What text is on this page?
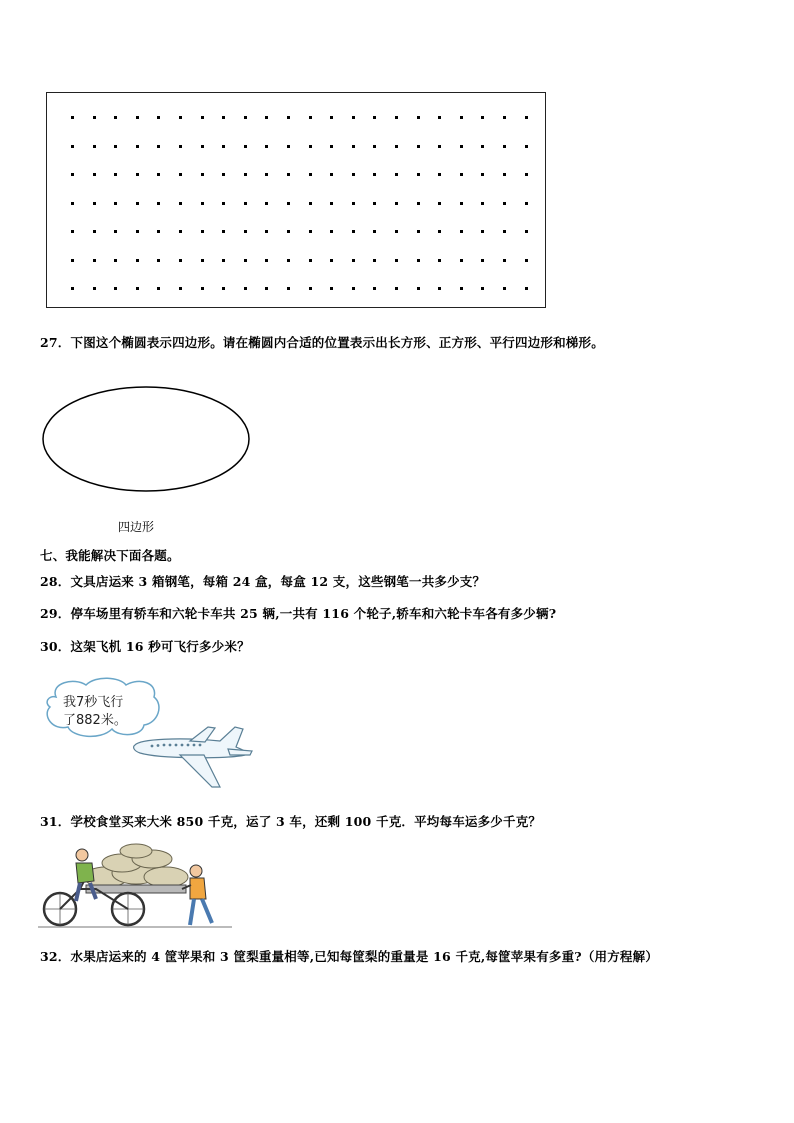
27．下图这个椭圆表示四边形。请在椭圆内合适的位置表示出长方形、正方形、平行四边形和梯形。
四边形
七、我能解决下面各题。
28．文具店运来 3 箱钢笔，每箱 24 盒，每盒 12 支，这些钢笔一共多少支？
29．停车场里有轿车和六轮卡车共 25 辆,一共有 116 个轮子,轿车和六轮卡车各有多少辆?
30．这架飞机 16 秒可飞行多少米？
我7秒飞行
了882米。
31．学校食堂买来大米 850 千克，运了 3 车，还剩 100 千克．平均每车运多少千克？
32．水果店运来的 4 筐苹果和 3 筐梨重量相等,已知每筐梨的重量是 16 千克,每筐苹果有多重?（用方程解）
